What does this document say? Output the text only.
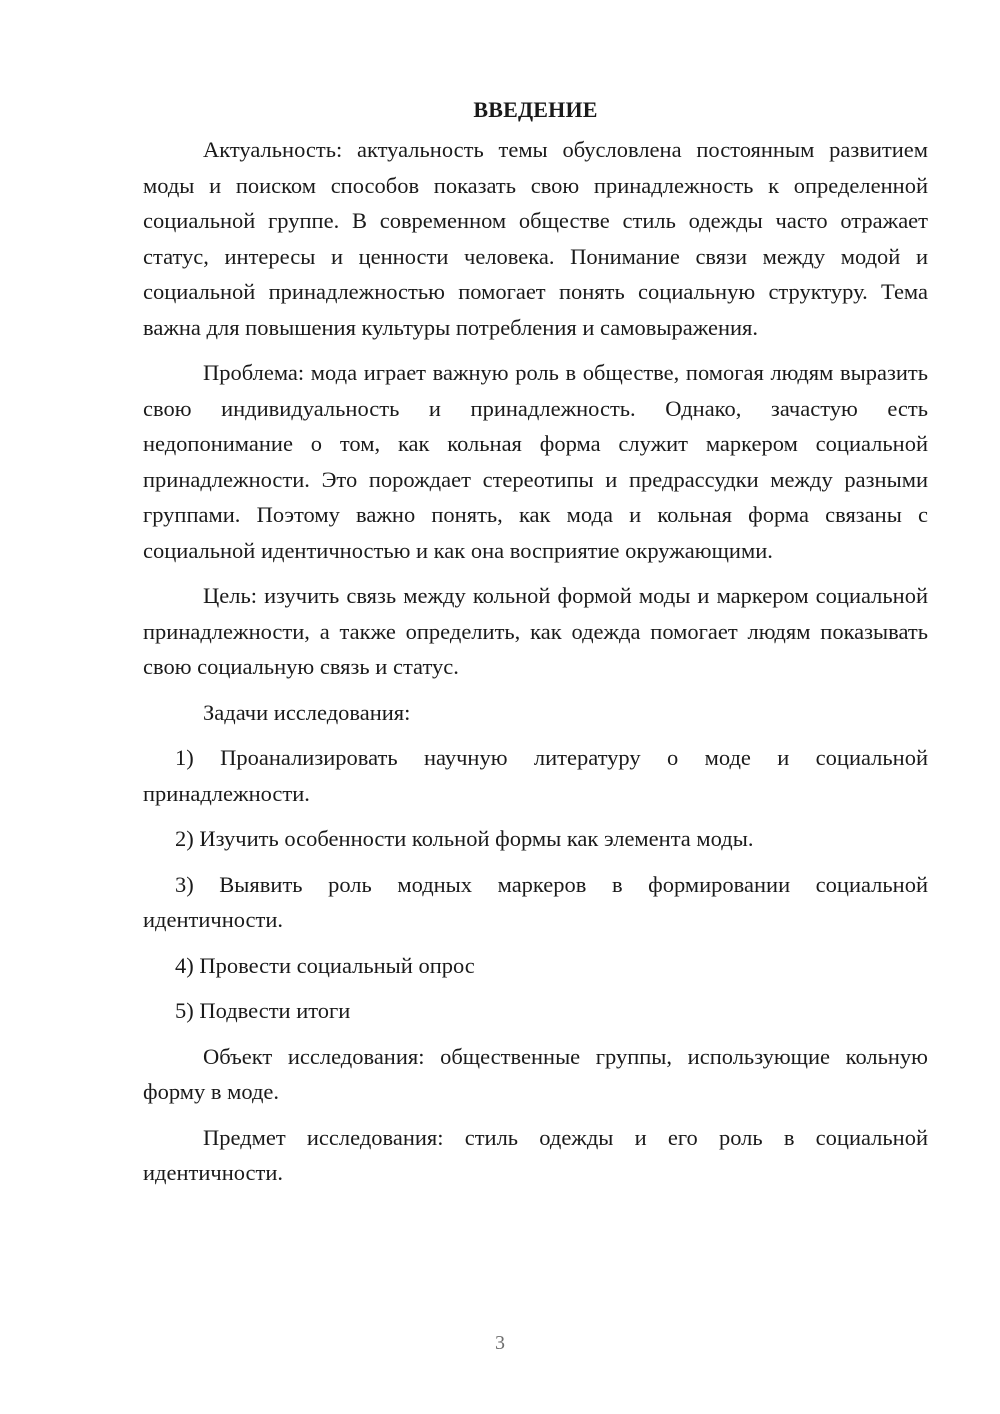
ВВЕДЕНИЕ

Актуальность: актуальность темы обусловлена постоянным развитием моды и поиском способов показать свою принадлежность к определенной социальной группе. В современном обществе стиль одежды часто отражает статус, интересы и ценности человека. Понимание связи между модой и социальной принадлежностью помогает понять социальную структуру. Тема важна для повышения культуры потребления и самовыражения.

Проблема: мода играет важную роль в обществе, помогая людям выразить свою индивидуальность и принадлежность. Однако, зачастую есть недопонимание о том, как кольная форма служит маркером социальной принадлежности. Это порождает стереотипы и предрассудки между разными группами. Поэтому важно понять, как мода и кольная форма связаны с социальной идентичностью и как она восприятие окружающими.

Цель: изучить связь между кольной формой моды и маркером социальной принадлежности, а также определить, как одежда помогает людям показывать свою социальную связь и статус.

Задачи исследования:

1) Проанализировать научную литературу о моде и социальной принадлежности.

2) Изучить особенности кольной формы как элемента моды.

3) Выявить роль модных маркеров в формировании социальной идентичности.

4) Провести социальный опрос

5) Подвести итоги

Объект исследования: общественные группы, использующие кольную форму в моде.

Предмет исследования: стиль одежды и его роль в социальной идентичности.

3
